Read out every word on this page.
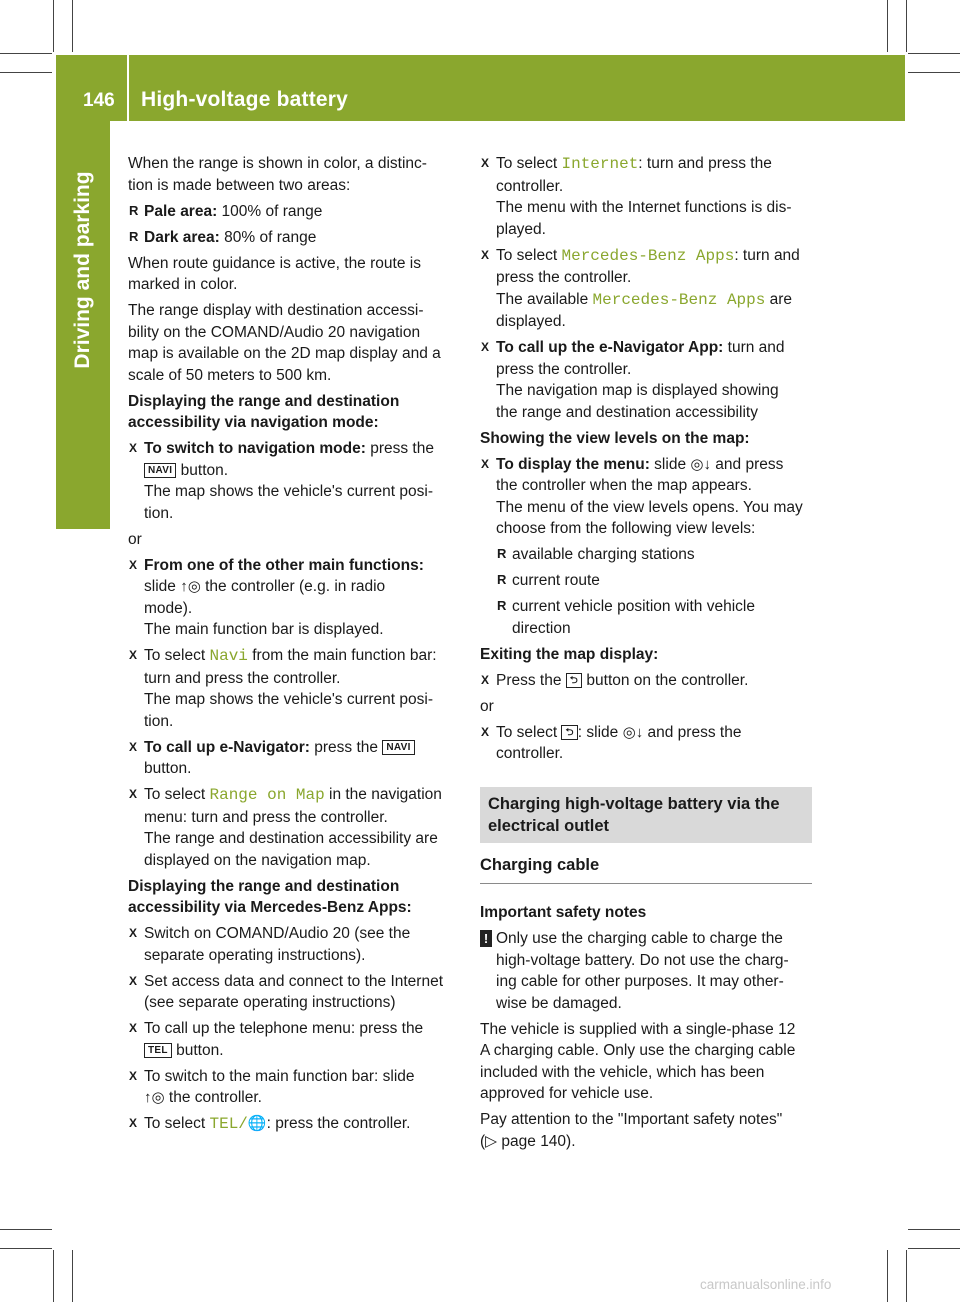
146 High-voltage battery
Driving and parking

When the range is shown in color, a distinc-
tion is made between two areas:

R Pale area: 100% of range
R Dark area: 80% of range

When route guidance is active, the route is
marked in color.

The range display with destination accessi-
bility on the COMAND/Audio 20 navigation
map is available on the 2D map display and a
scale of 50 meters to 500 km.

Displaying the range and destination
accessibility via navigation mode:

X To switch to navigation mode: press the
NAVI button.
The map shows the vehicle's current posi-
tion.

or

X From one of the other main functions:
slide ↑◎ the controller (e.g. in radio
mode).
The main function bar is displayed.
X To select Navi from the main function bar:
turn and press the controller.
The map shows the vehicle's current posi-
tion.
X To call up e-Navigator: press the NAVI
button.
X To select Range on Map in the navigation
menu: turn and press the controller.
The range and destination accessibility are
displayed on the navigation map.

Displaying the range and destination
accessibility via Mercedes-Benz Apps:

X Switch on COMAND/Audio 20 (see the
separate operating instructions).
X Set access data and connect to the Internet
(see separate operating instructions)
X To call up the telephone menu: press the
TEL button.
X To switch to the main function bar: slide
↑◎ the controller.
X To select TEL/🌐: press the controller.
X To select Internet: turn and press the
controller.
The menu with the Internet functions is dis-
played.
X To select Mercedes-Benz Apps: turn and
press the controller.
The available Mercedes-Benz Apps are
displayed.
X To call up the e-Navigator App: turn and
press the controller.
The navigation map is displayed showing
the range and destination accessibility

Showing the view levels on the map:

X To display the menu: slide ◎↓ and press
the controller when the map appears.
The menu of the view levels opens. You may
choose from the following view levels:
R available charging stations
R current route
R current vehicle position with vehicle
direction

Exiting the map display:

X Press the ⮌ button on the controller.

or

X To select ⮌ : slide ◎↓ and press the
controller.
Charging high-voltage battery via the
electrical outlet
Charging cable

Important safety notes

! Only use the charging cable to charge the
high-voltage battery. Do not use the charg-
ing cable for other purposes. It may other-
wise be damaged.

The vehicle is supplied with a single-phase 12
A charging cable. Only use the charging cable
included with the vehicle, which has been
approved for vehicle use.

Pay attention to the "Important safety notes"
(▷ page 140).

carmanualsonline.info
